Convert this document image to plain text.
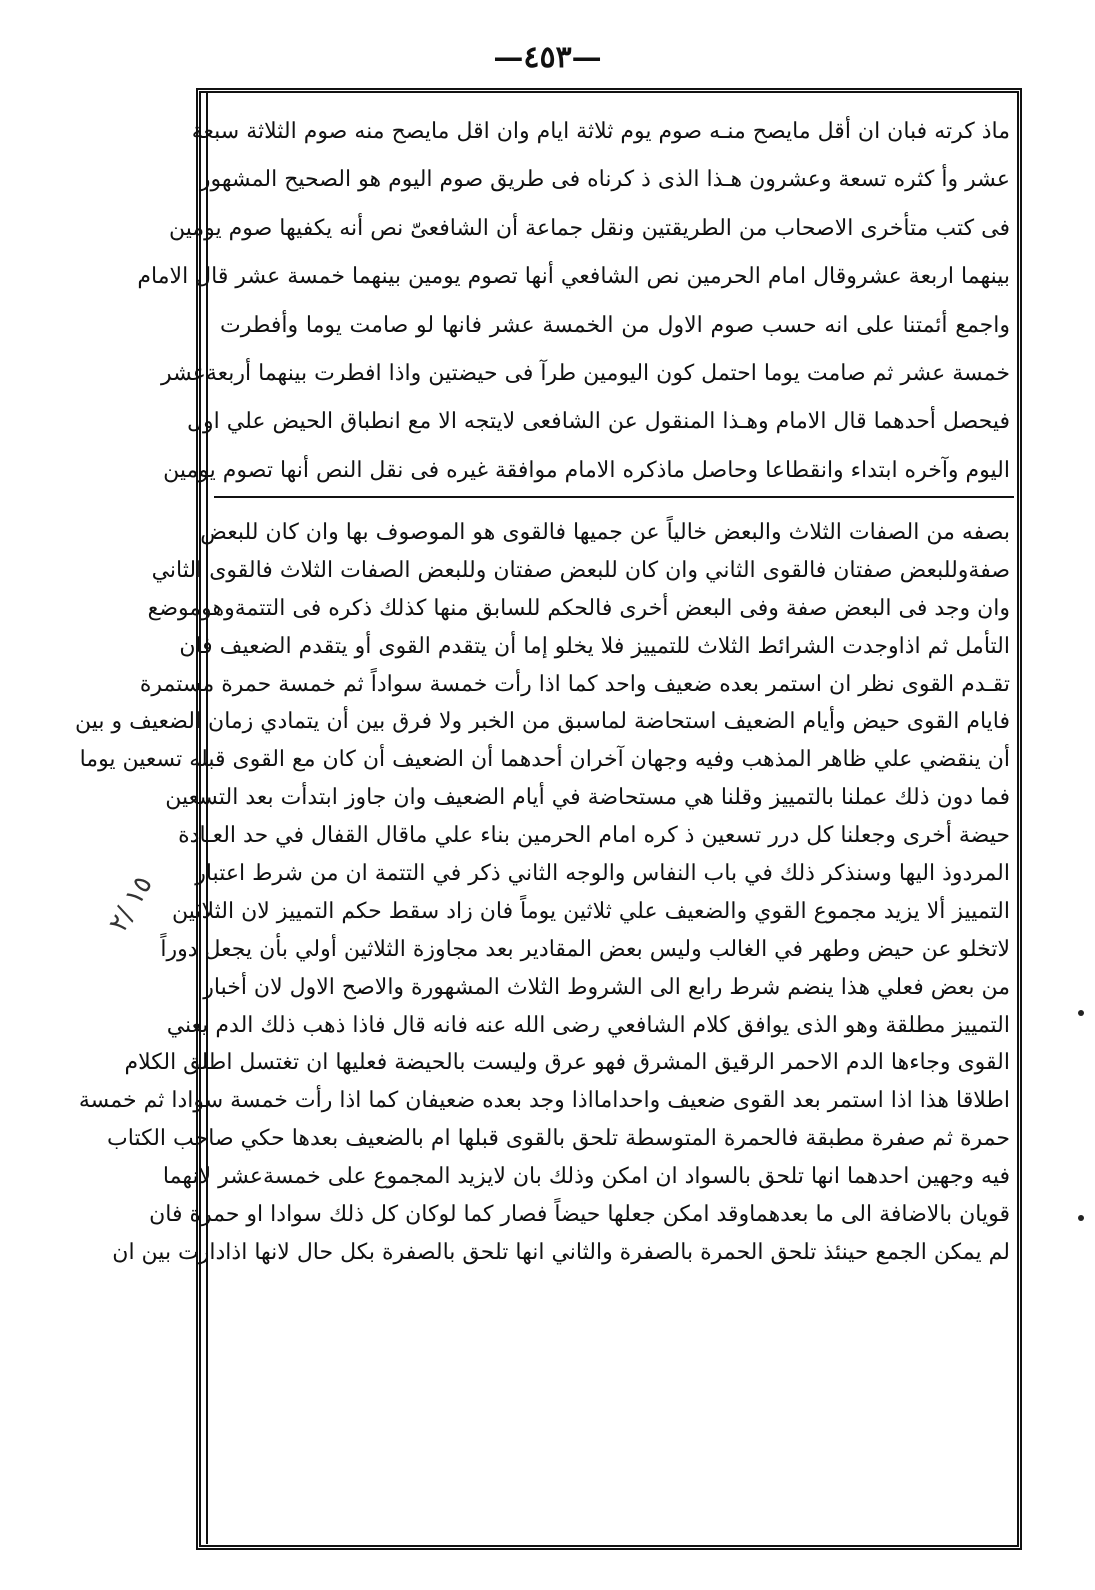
—٤٥٣—
ماذ كرته فبان ان أقل مايصح منـه صوم يوم ثلاثة ايام وان اقل مايصح منه صوم الثلاثة سبعة
عشر وأ كثره تسعة وعشرون هـذا الذى ذ كرناه فى طريق صوم اليوم هو الصحيح المشهور
فى كتب متأخرى الاصحاب من الطريقتين ونقل جماعة أن الشافعىّ نص أنه يكفيها صوم يومين
بينهما اربعة عشروقال امام الحرمين نص الشافعي أنها تصوم يومين بينهما خمسة عشر قال الامام
واجمع أئمتنا على انه حسب صوم الاول من الخمسة عشر فانها لو صامت يوما وأفطرت
خمسة عشر ثم صامت يوما احتمل كون اليومين طرآ فى حيضتين واذا افطرت بينهما أربعةعشر
فيحصل أحدهما قال الامام وهـذا المنقول عن الشافعى لايتجه الا مع انطباق الحيض علي اول
اليوم وآخره ابتداء وانقطاعا وحاصل ماذكره الامام موافقة غيره فى نقل النص أنها تصوم يومين
بصفه من الصفات الثلاث والبعض خالياً عن جميها فالقوى هو الموصوف بها وان كان للبعض
صفةوللبعض صفتان فالقوى الثاني وان كان للبعض صفتان وللبعض الصفات الثلاث فالقوى الثاني
وان وجد فى البعض صفة وفى البعض أخرى فالحكم للسابق منها كذلك ذكره فى التتمةوهوموضع
التأمل ثم اذاوجدت الشرائط الثلاث للتمييز فلا يخلو إما أن يتقدم القوى أو يتقدم الضعيف فان
تقـدم القوى نظر ان استمر بعده ضعيف واحد كما اذا رأت خمسة سواداً ثم خمسة حمرة مستمرة
فايام القوى حيض وأيام الضعيف استحاضة لماسبق من الخبر ولا فرق بين أن يتمادي زمان الضعيف و بين
أن ينقضي علي ظاهر المذهب وفيه وجهان آخران أحدهما أن الضعيف أن كان مع القوى قبله تسعين يوما
فما دون ذلك عملنا بالتمييز وقلنا هي مستحاضة في أيام الضعيف وان جاوز ابتدأت بعد التسعين
حيضة أخرى وجعلنا كل درر تسعين ذ كره امام الحرمين بناء علي ماقال القفال في حد العـادة
المردوذ اليها وسنذكر ذلك في باب النفاس والوجه الثاني ذكر في التتمة ان من شرط اعتبار
التمييز ألا يزيد مجموع القوي والضعيف علي ثلاثين يوماً فان زاد سقط حكم التمييز لان الثلاثين
لاتخلو عن حيض وطهر في الغالب وليس بعض المقادير بعد مجاوزة الثلاثين أولي بأن يجعل دوراً
من بعض فعلي هذا ينضم شرط رابع الى الشروط الثلاث المشهورة والاصح الاول لان أخبار
التمييز مطلقة وهو الذى يوافق كلام الشافعي رضى الله عنه فانه قال فاذا ذهب ذلك الدم يعني
القوى وجاءها الدم الاحمر الرقيق المشرق فهو عرق وليست بالحيضة فعليها ان تغتسل اطلق الكلام
اطلاقا هذا اذا استمر بعد القوى ضعيف واحدامااذا وجد بعده ضعيفان كما اذا رأت خمسة سوادا ثم خمسة
حمرة ثم صفرة مطبقة فالحمرة المتوسطة تلحق بالقوى قبلها ام بالضعيف بعدها حكي صاحب الكتاب
فيه وجهين احدهما انها تلحق بالسواد ان امكن وذلك بان لايزيد المجموع على خمسةعشر لانهما
قويان بالاضافة الى ما بعدهماوقد امكن جعلها حيضاً فصار كما لوكان كل ذلك سوادا او حمرة فان
لم يمكن الجمع حينئذ تلحق الحمرة بالصفرة والثاني انها تلحق بالصفرة بكل حال لانها اذادارت بين ان
١٥ /٢
